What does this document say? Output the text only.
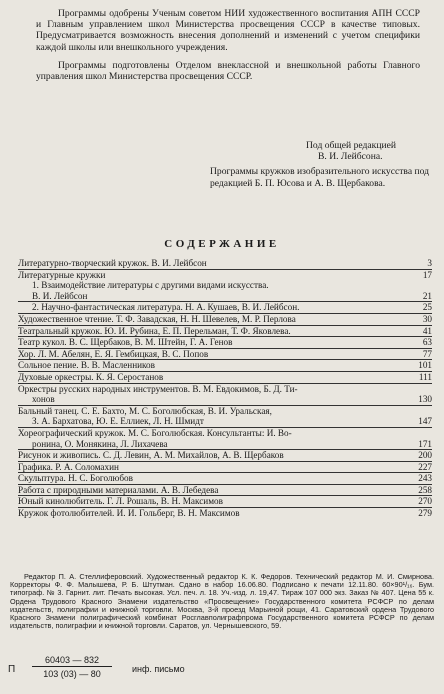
Программы одобрены Ученым советом НИИ художественного воспитания АПН СССР и Главным управлением школ Министерства просвещения СССР в качестве типовых. Предусматривается возможность внесения дополнений и изменений с учетом специфики каждой школы или внешкольного учреждения.

Программы подготовлены Отделом внеклассной и внешкольной работы Главного управления школ Министерства просвещения СССР.

Под общей редакцией
В. И. Лейбсона.
Программы кружков изобразительного искусства под редакцией Б. П. Юсова и А. В. Щербакова.
СОДЕРЖАНИЕ
Литературно-творческий кружок. В. И. Лейбсон	3
Литературные кружки	17
1. Взаимодействие литературы с другими видами искусства.
В. И. Лейбсон	21
2. Научно-фантастическая литература. Н. А. Кушаев, В. И. Лейбсон.	25
Художественное чтение. Т. Ф. Завадская, Н. Н. Шевелев, М. Р. Перлова	30
Театральный кружок. Ю. И. Рубина, Е. П. Перельман, Т. Ф. Яковлева.	41
Театр кукол. В. С. Щербаков, В. М. Штейн, Г. А. Генов	63
Хор. Л. М. Абелян, Е. Я. Гембицкая, В. С. Попов	77
Сольное пение. В. В. Масленников	101
Духовые оркестры. К. Я. Серостанов	111
Оркестры русских народных инструментов. В. М. Евдокимов, Б. Д. Ти-
хонов	130
Бальный танец. С. Е. Бахто, М. С. Боголюбская, В. И. Уральская,
З. А. Бархатова, Ю. Е. Еллиек, Л. Н. Шмидт	147
Хореографический кружок. М. С. Боголюбская. Консультанты: И. Во-
ронина, О. Монякина, Л. Лихачева	171
Рисунок и живопись. С. Д. Левин, А. М. Михайлов, А. В. Щербаков	200
Графика. Р. А. Соломахин	227
Скульптура. Н. С. Боголюбов	243
Работа с природными материалами. А. В. Лебедева	258
Юный кинолюбитель. Г. Л. Рошаль, В. Н. Максимов	270
Кружок фотолюбителей. И. И. Гольберг, В. Н. Максимов	279
Редактор П. А. Стеллиферовский. Художественный редактор К. К. Федоров. Технический редактор М. И. Смирнова. Корректоры Ф. Ф. Малышева, Р. Б. Штутман. Сдано в набор 16.06.80. Подписано к печати 12.11.80. 60×90¹/₁₆. Бум. типограф. № 3. Гарнит. лит. Печать высокая. Усл. печ. л. 18. Уч.-изд. л. 19,47. Тираж 107 000 экз. Заказ № 407. Цена 55 к. Ордена Трудового Красного Знамени издательство «Просвещение» Государственного комитета РСФСР по делам издательств, полиграфии и книжной торговли. Москва, 3-й проезд Марьиной рощи, 41. Саратовский ордена Трудового Красного Знамени полиграфический комбинат Росглавполиграфпрома Государственного комитета РСФСР по делам издательств, полиграфии и книжной торговли. Саратов, ул. Чернышевского, 59.
П $\frac{60403 — 832}{103 (03) — 80}$ инф. письмо
